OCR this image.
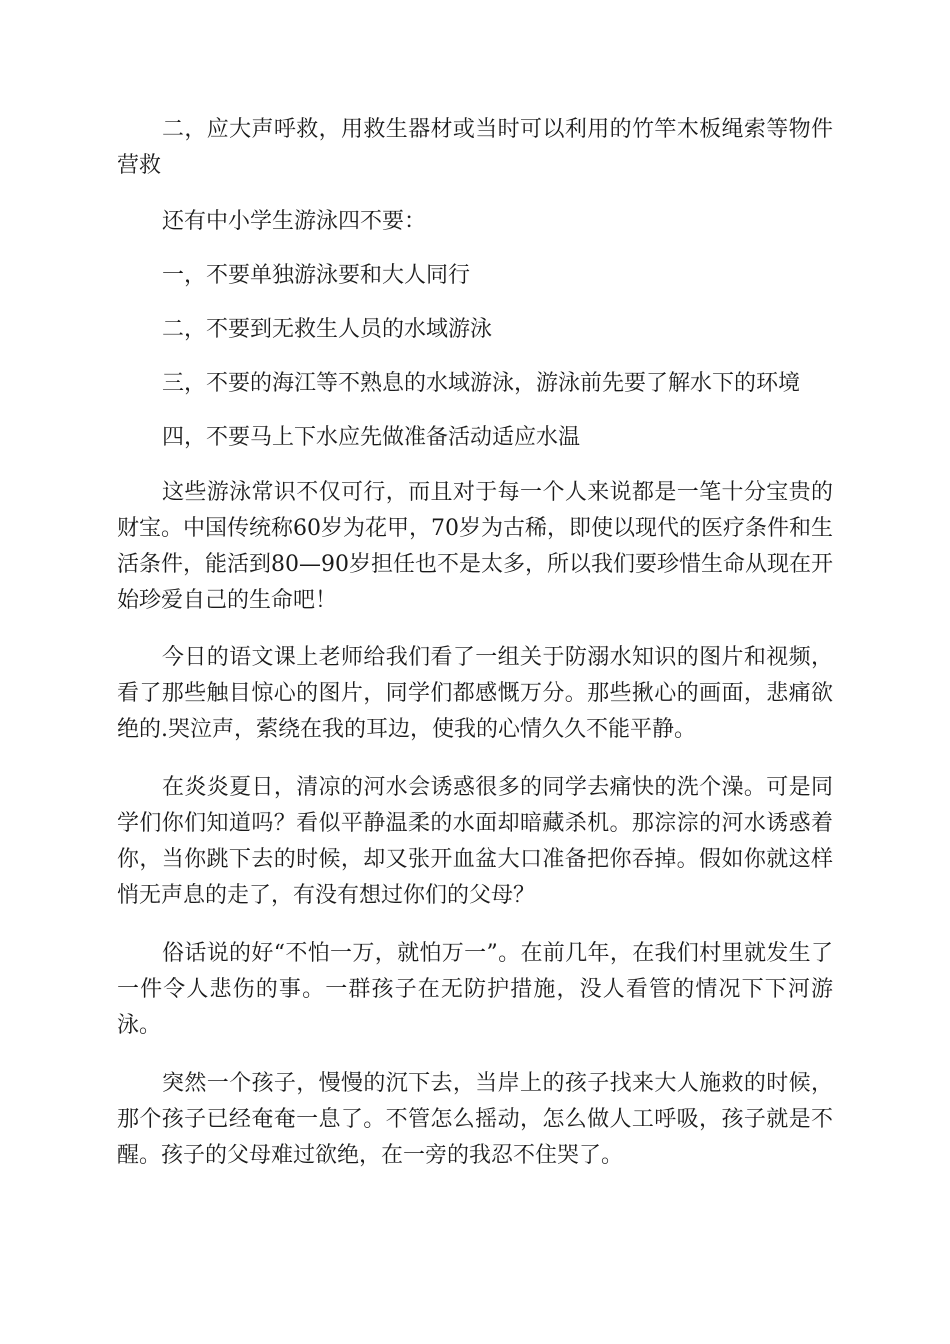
二，应大声呼救，用救生器材或当时可以利用的竹竿木板绳索等物件营救

还有中小学生游泳四不要：

一，不要单独游泳要和大人同行

二，不要到无救生人员的水域游泳

三，不要的海江等不熟息的水域游泳，游泳前先要了解水下的环境

四，不要马上下水应先做准备活动适应水温

这些游泳常识不仅可行，而且对于每一个人来说都是一笔十分宝贵的财宝。中国传统称60岁为花甲，70岁为古稀，即使以现代的医疗条件和生活条件，能活到80—90岁担任也不是太多，所以我们要珍惜生命从现在开始珍爱自己的生命吧！

今日的语文课上老师给我们看了一组关于防溺水知识的图片和视频，看了那些触目惊心的图片，同学们都感慨万分。那些揪心的画面，悲痛欲绝的.哭泣声，萦绕在我的耳边，使我的心情久久不能平静。

在炎炎夏日，清凉的河水会诱惑很多的同学去痛快的洗个澡。可是同学们你们知道吗？看似平静温柔的水面却暗藏杀机。那淙淙的河水诱惑着你，当你跳下去的时候，却又张开血盆大口准备把你吞掉。假如你就这样悄无声息的走了，有没有想过你们的父母？

俗话说的好“不怕一万，就怕万一”。在前几年，在我们村里就发生了一件令人悲伤的事。一群孩子在无防护措施，没人看管的情况下下河游泳。

突然一个孩子，慢慢的沉下去，当岸上的孩子找来大人施救的时候，那个孩子已经奄奄一息了。不管怎么摇动，怎么做人工呼吸，孩子就是不醒。孩子的父母难过欲绝，在一旁的我忍不住哭了。
